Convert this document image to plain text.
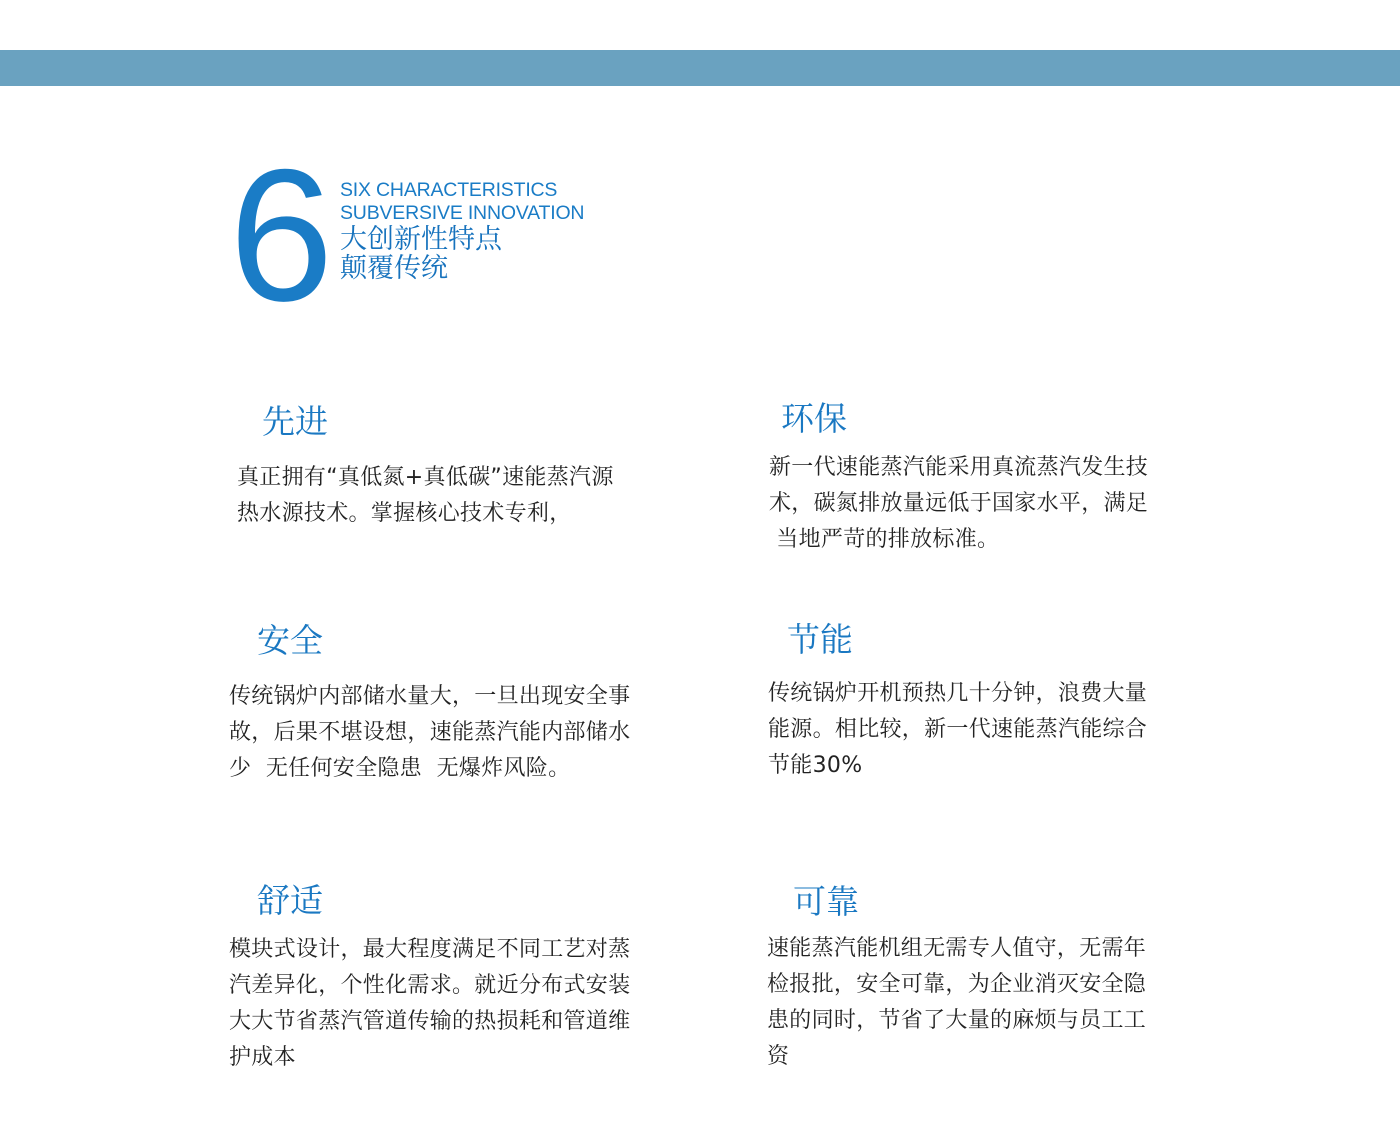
6 SIX CHARACTERISTICS
SUBVERSIVE INNOVATION
大创新性特点
颠覆传统
先进
真正拥有“真低氮+真低碳”速能蒸汽源
热水源技术。掌握核心技术专利，
环保
新一代速能蒸汽能采用真流蒸汽发生技
术，碳氮排放量远低于国家水平，满足
当地严苛的排放标准。
安全
传统锅炉内部储水量大，一旦出现安全事
故，后果不堪设想，速能蒸汽能内部储水
少  无任何安全隐患  无爆炸风险。
节能
传统锅炉开机预热几十分钟，浪费大量
能源。相比较，新一代速能蒸汽能综合
节能30%
舒适
模块式设计，最大程度满足不同工艺对蒸
汽差异化，个性化需求。就近分布式安装
大大节省蒸汽管道传输的热损耗和管道维
护成本
可靠
速能蒸汽能机组无需专人值守，无需年
检报批，安全可靠，为企业消灭安全隐
患的同时，节省了大量的麻烦与员工工
资
